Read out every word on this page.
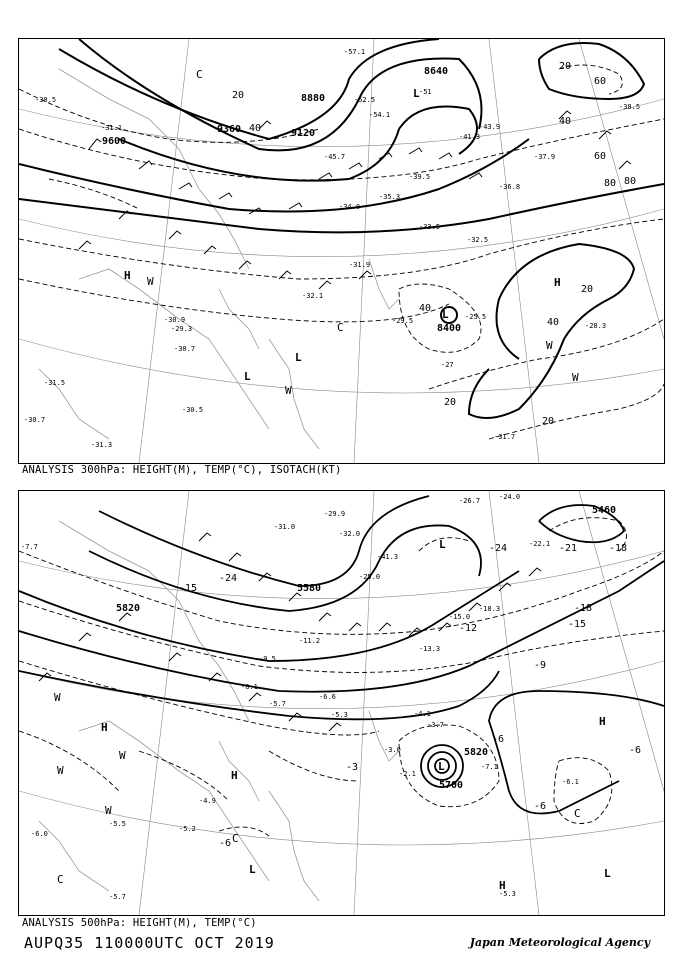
8640
8880
9120
9360
9600
8400
20
40
60
80
20
40
60
80
20
40
20
20
40
L
L
L
L
H
H
C
C
W
W
W
W
-51
-52.5
-54.1
-57.1
-45.7
-43.9
-41.3
-39.5
-36.8
-35.3
-34.0
-33.5
-32.5
-31.9
-31.1
-30.5
-29.3
-29.5
-30.7
-28.3
-25.5
-31.7
-30.9
-32.1
-31.5
-30.7
-30.5
-31.3
-27
-37.9
-38.5
ANALYSIS 300hPa: HEIGHT(M), TEMP(°C), ISOTACH(KT)
5460
5580
5820
5820
5700
-24
-24
-21	-18
-18
-15
-15
-12
-9
-6
-6
-3
-6
-6
L
L
L	L
H
H
H
H
C
C
C
W
W
W
W
-26.7	-24.0
-29.9
-32.0
-41.3
-31.0
-25.0
-22.1
-18.3
-15.0
-13.3
-11.2
-9.5
-8.1
-6.6
-5.7
-5.3	-4.1
-3.7
-3.0
-2.1
-5.3
-6.1
-7.1
-7.7
-5.2
-4.9
-5.5
-6.0
-5.7
ANALYSIS 500hPa: HEIGHT(M), TEMP(°C)
AUPQ35 110000UTC OCT 2019	Japan Meteorological Agency
